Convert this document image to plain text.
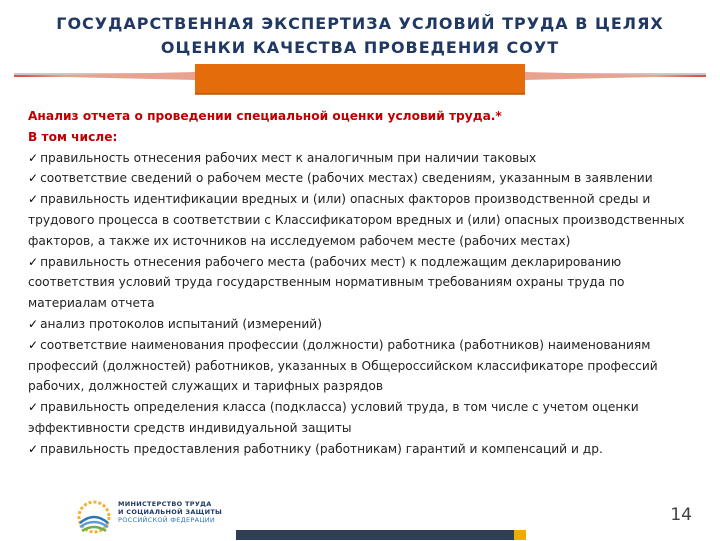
ГОСУДАРСТВЕННАЯ ЭКСПЕРТИЗА УСЛОВИЙ ТРУДА В ЦЕЛЯХ
ОЦЕНКИ КАЧЕСТВА ПРОВЕДЕНИЯ СОУТ
Анализ отчета о проведении специальной оценки условий труда.*
В том числе:
✓ правильность отнесения рабочих мест к аналогичным при наличии таковых
✓ соответствие сведений о рабочем месте (рабочих местах) сведениям, указанным в заявлении
✓ правильность идентификации вредных и (или) опасных факторов производственной среды и трудового процесса в соответствии с Классификатором вредных и (или) опасных производственных факторов, а также их источников на исследуемом рабочем месте (рабочих местах)
✓ правильность отнесения рабочего места (рабочих мест) к подлежащим декларированию соответствия условий труда государственным нормативным требованиям охраны труда по материалам отчета
✓ анализ протоколов испытаний (измерений)
✓ соответствие наименования профессии (должности) работника (работников) наименованиям профессий (должностей) работников, указанных в Общероссийском классификаторе профессий рабочих, должностей служащих и тарифных разрядов
✓ правильность определения класса (подкласса) условий труда, в том числе с учетом оценки эффективности средств индивидуальной защиты
✓ правильность предоставления работнику (работникам) гарантий и компенсаций и др.
МИНИСТЕРСТВО ТРУДА
И СОЦИАЛЬНОЙ ЗАЩИТЫ
РОССИЙСКОЙ ФЕДЕРАЦИИ	14
